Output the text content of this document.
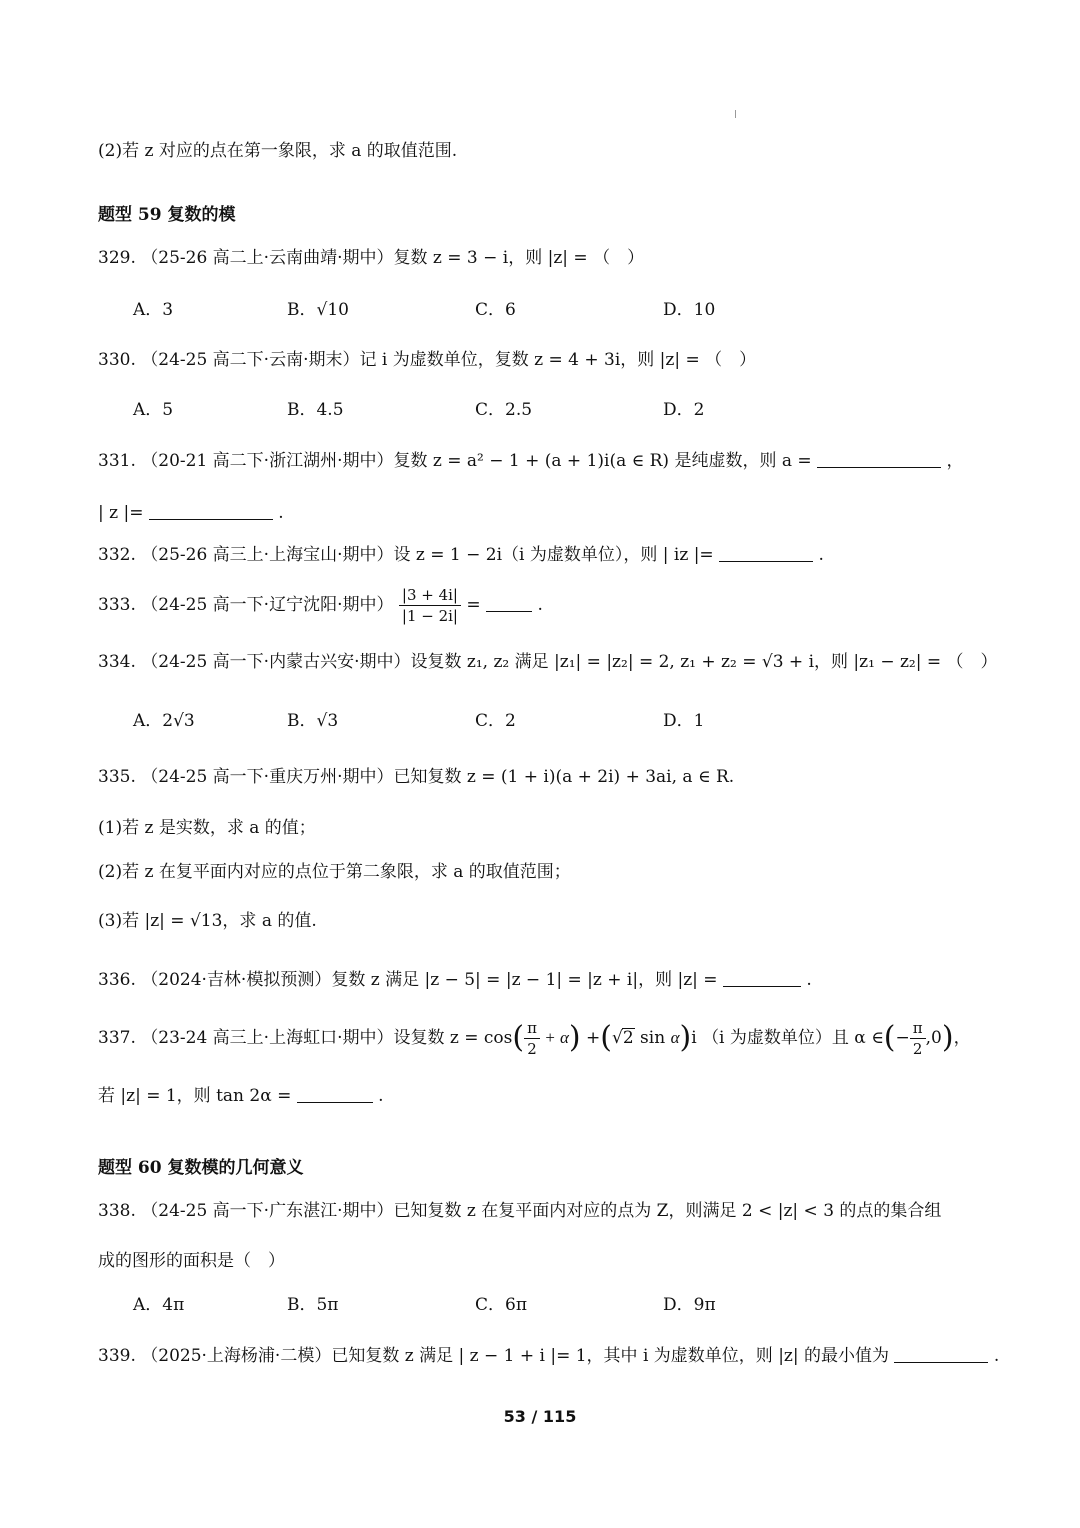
(2)若 z 对应的点在第一象限，求 a 的取值范围.
题型 59 复数的模
329. （25-26 高二上·云南曲靖·期中）复数 z = 3 − i，则 |z| = （　）
A．3	B．√10	C．6	D．10
330. （24-25 高二下·云南·期末）记 i 为虚数单位，复数 z = 4 + 3i，则 |z| = （　）
A．5	B．4.5	C．2.5	D．2
331. （20-21 高二下·浙江湖州·期中）复数 z = a² − 1 + (a + 1)i(a ∈ R) 是纯虚数，则 a =	，
| z |=	.
332. （25-26 高三上·上海宝山·期中）设 z = 1 − 2i（i 为虚数单位），则 | iz |=	.
333. （24-25 高一下·辽宁沈阳·期中） $\frac{|3 + 4i|}{|1 - 2i|}$ =	.
334. （24-25 高一下·内蒙古兴安·期中）设复数 z₁, z₂ 满足 |z₁| = |z₂| = 2, z₁ + z₂ = √3 + i，则 |z₁ − z₂| = （　）
A．2√3	B．√3	C．2	D．1
335. （24-25 高一下·重庆万州·期中）已知复数 z = (1 + i)(a + 2i) + 3ai, a ∈ R.
(1)若 z 是实数，求 a 的值；
(2)若 z 在复平面内对应的点位于第二象限，求 a 的取值范围；
(3)若 |z| = √13，求 a 的值.
336. （2024·吉林·模拟预测）复数 z 满足 |z − 5| = |z − 1| = |z + i|，则 |z| =	.
337. （23-24 高三上·上海虹口·期中）设复数 $z = \cos( \frac{\pi}{2} + \alpha) +(√2$ sin α)i （i 为虚数单位）且 α ∈(− $\frac{\pi}{2} ,0$)，
若 |z| = 1，则 tan 2α =	.
题型 60 复数模的几何意义
338. （24-25 高一下·广东湛江·期中）已知复数 z 在复平面内对应的点为 Z，则满足 2 < |z| < 3 的点的集合组
成的图形的面积是（　）
A．4π	B．5π	C．6π	D．9π
339. （2025·上海杨浦·二模）已知复数 z 满足 | z − 1 + i |= 1，其中 i 为虚数单位，则 |z| 的最小值为	.
53 / 115
